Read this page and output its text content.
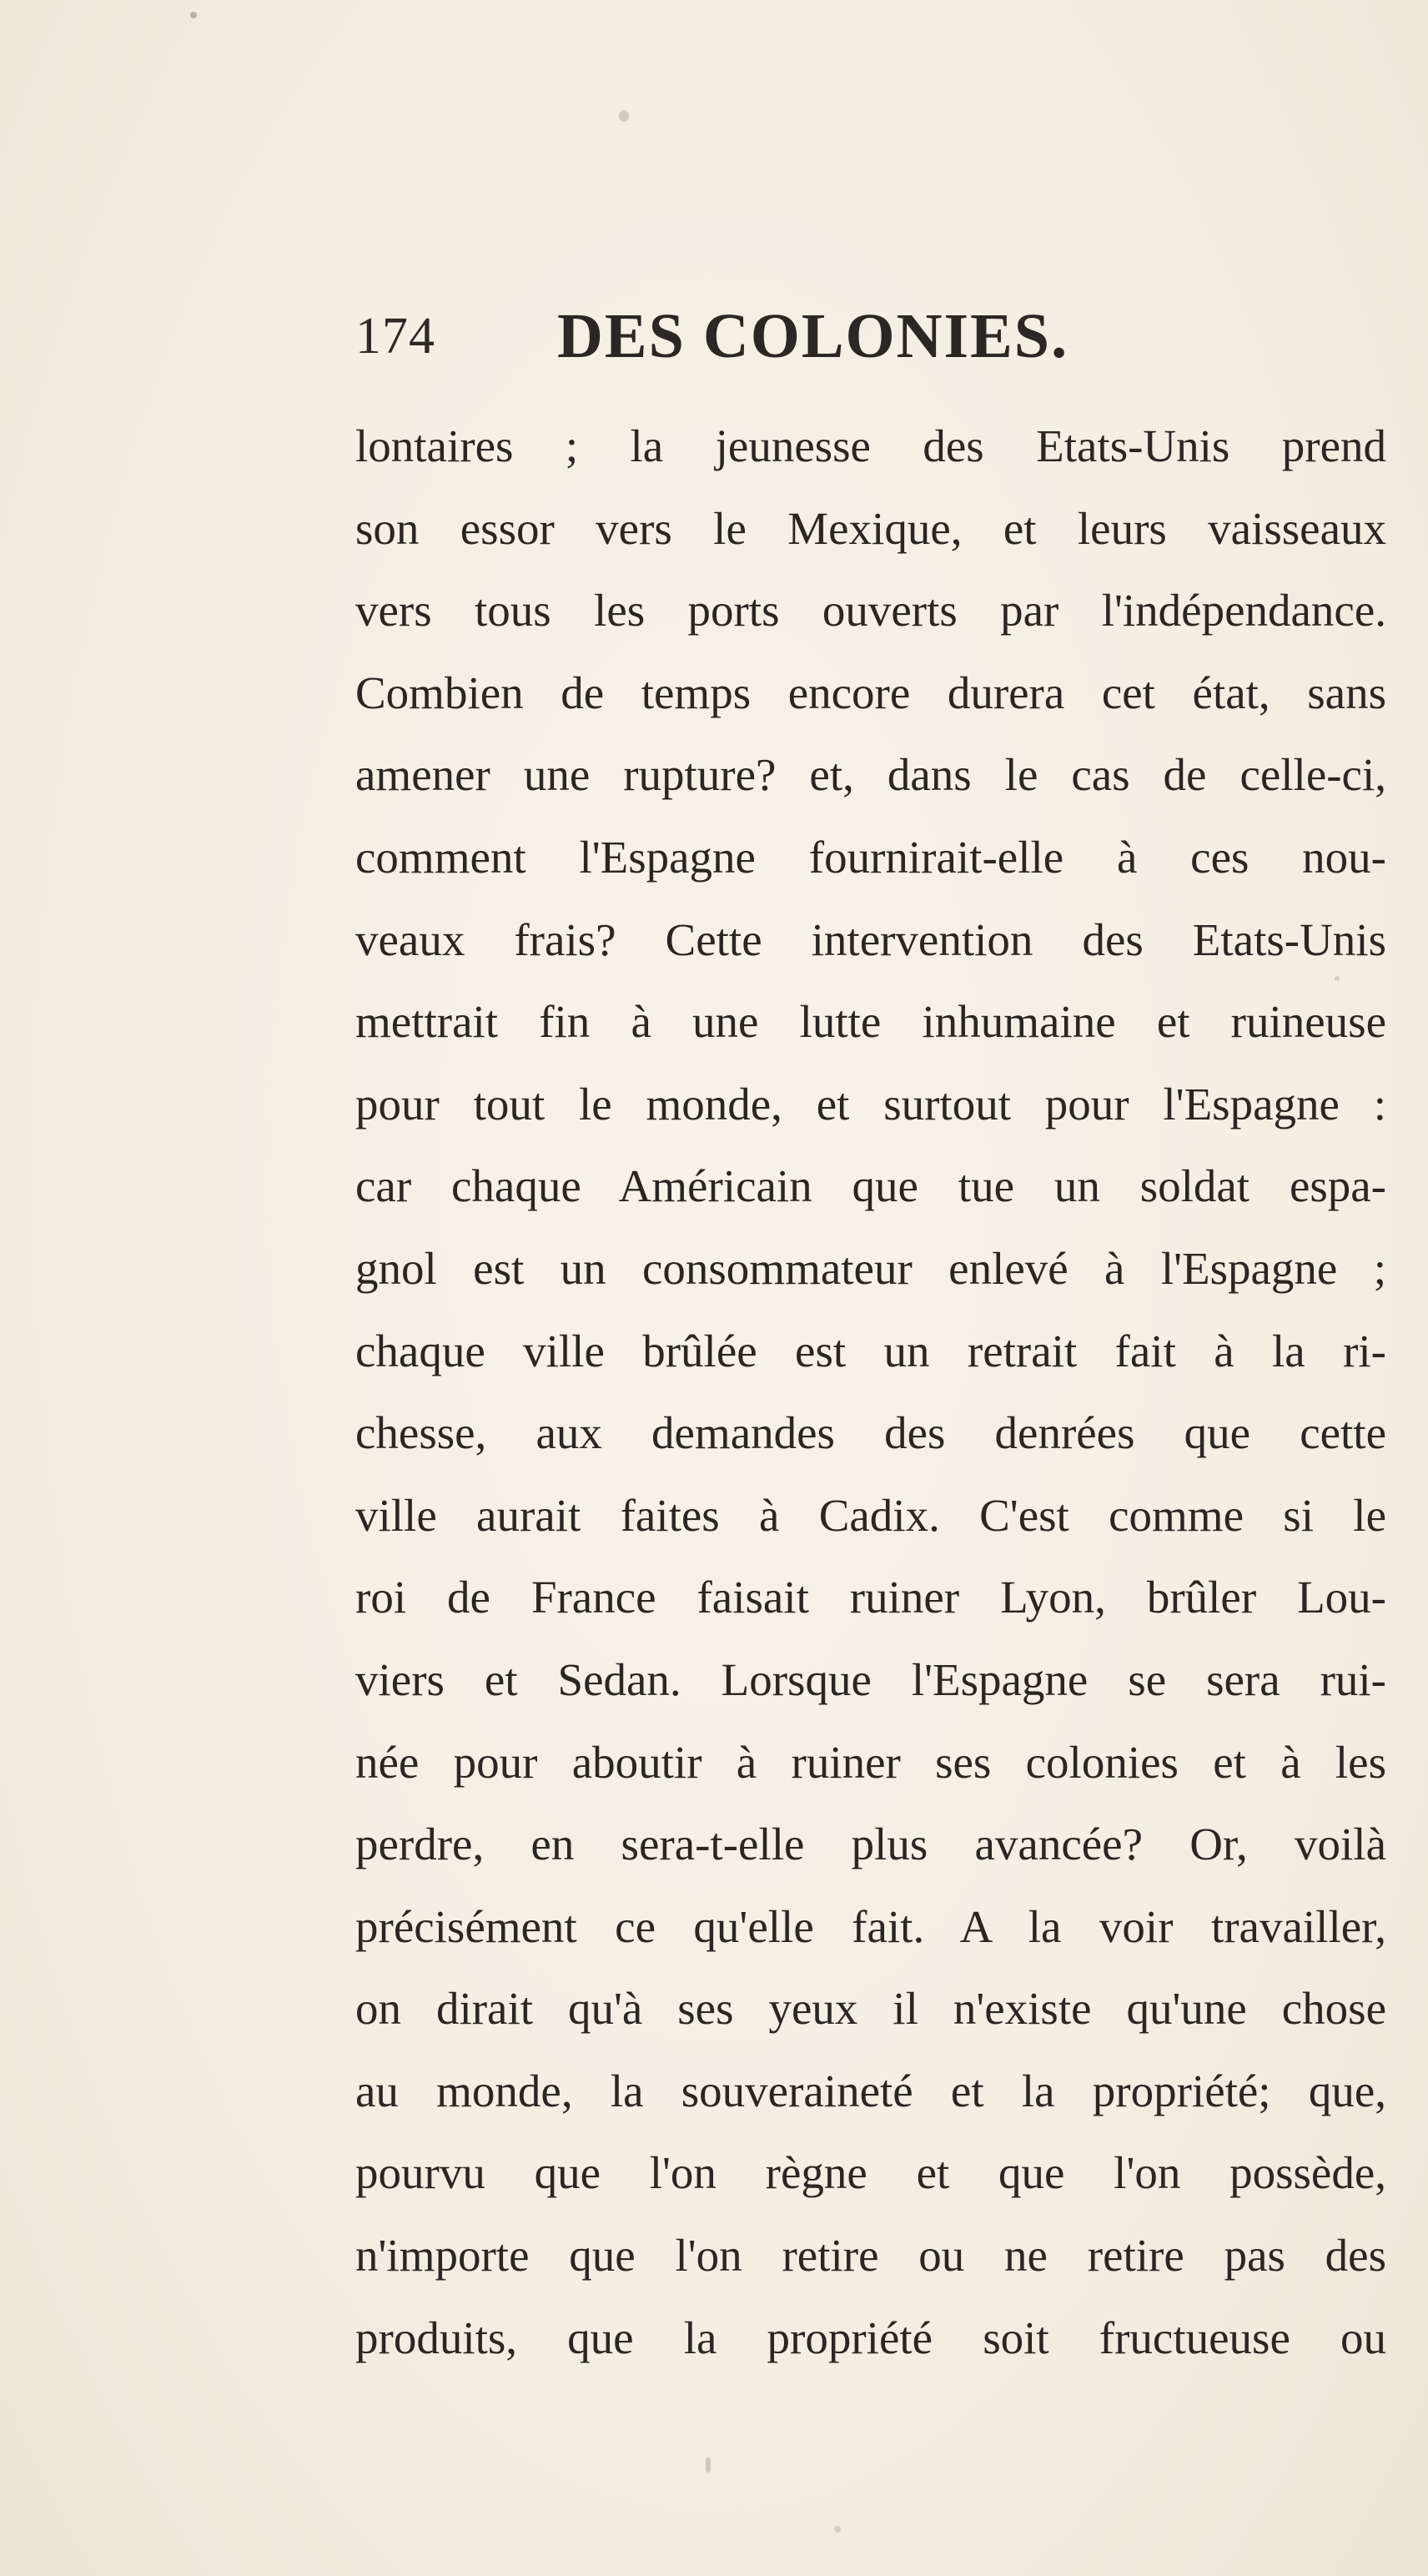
174 DES COLONIES.
lontaires ; la jeunesse des Etats-Unis prend
son essor vers le Mexique, et leurs vaisseaux
vers tous les ports ouverts par l'indépendance.
Combien de temps encore durera cet état, sans
amener une rupture? et, dans le cas de celle-ci,
comment l'Espagne fournirait-elle à ces nou-
veaux frais? Cette intervention des Etats-Unis
mettrait fin à une lutte inhumaine et ruineuse
pour tout le monde, et surtout pour l'Espagne :
car chaque Américain que tue un soldat espa-
gnol est un consommateur enlevé à l'Espagne ;
chaque ville brûlée est un retrait fait à la ri-
chesse, aux demandes des denrées que cette
ville aurait faites à Cadix. C'est comme si le
roi de France faisait ruiner Lyon, brûler Lou-
viers et Sedan. Lorsque l'Espagne se sera rui-
née pour aboutir à ruiner ses colonies et à les
perdre, en sera-t-elle plus avancée? Or, voilà
précisément ce qu'elle fait. A la voir travailler,
on dirait qu'à ses yeux il n'existe qu'une chose
au monde, la souveraineté et la propriété; que,
pourvu que l'on règne et que l'on possède,
n'importe que l'on retire ou ne retire pas des
produits, que la propriété soit fructueuse ou
